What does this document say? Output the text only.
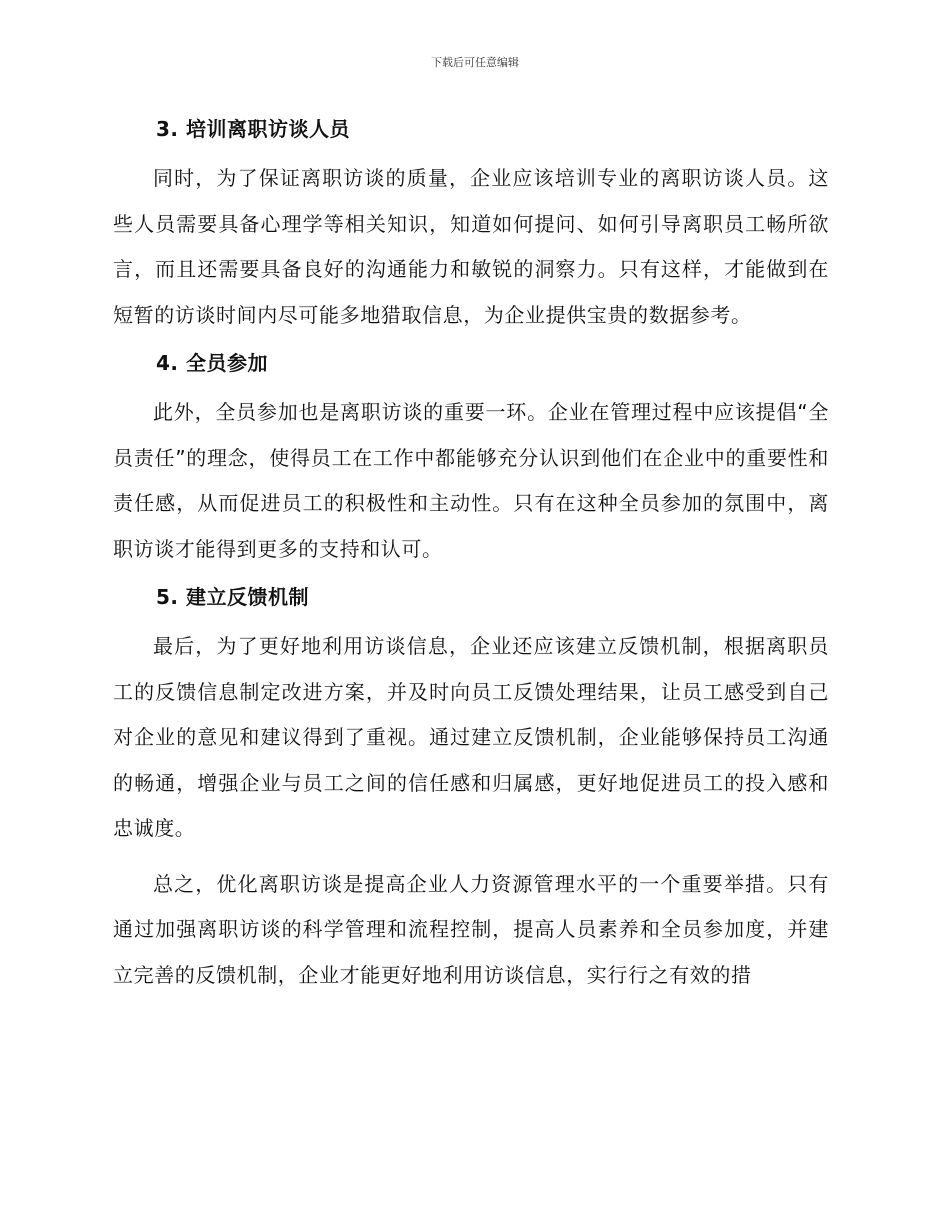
下载后可任意编辑
3. 培训离职访谈人员

同时，为了保证离职访谈的质量，企业应该培训专业的离职访谈人员。这些人员需要具备心理学等相关知识，知道如何提问、如何引导离职员工畅所欲言，而且还需要具备良好的沟通能力和敏锐的洞察力。只有这样，才能做到在短暂的访谈时间内尽可能多地猎取信息，为企业提供宝贵的数据参考。

4. 全员参加

此外，全员参加也是离职访谈的重要一环。企业在管理过程中应该提倡“全员责任”的理念，使得员工在工作中都能够充分认识到他们在企业中的重要性和责任感，从而促进员工的积极性和主动性。只有在这种全员参加的氛围中，离职访谈才能得到更多的支持和认可。

5. 建立反馈机制

最后，为了更好地利用访谈信息，企业还应该建立反馈机制，根据离职员工的反馈信息制定改进方案，并及时向员工反馈处理结果，让员工感受到自己对企业的意见和建议得到了重视。通过建立反馈机制，企业能够保持员工沟通的畅通，增强企业与员工之间的信任感和归属感，更好地促进员工的投入感和忠诚度。

总之，优化离职访谈是提高企业人力资源管理水平的一个重要举措。只有通过加强离职访谈的科学管理和流程控制，提高人员素养和全员参加度，并建立完善的反馈机制，企业才能更好地利用访谈信息，实行行之有效的措
